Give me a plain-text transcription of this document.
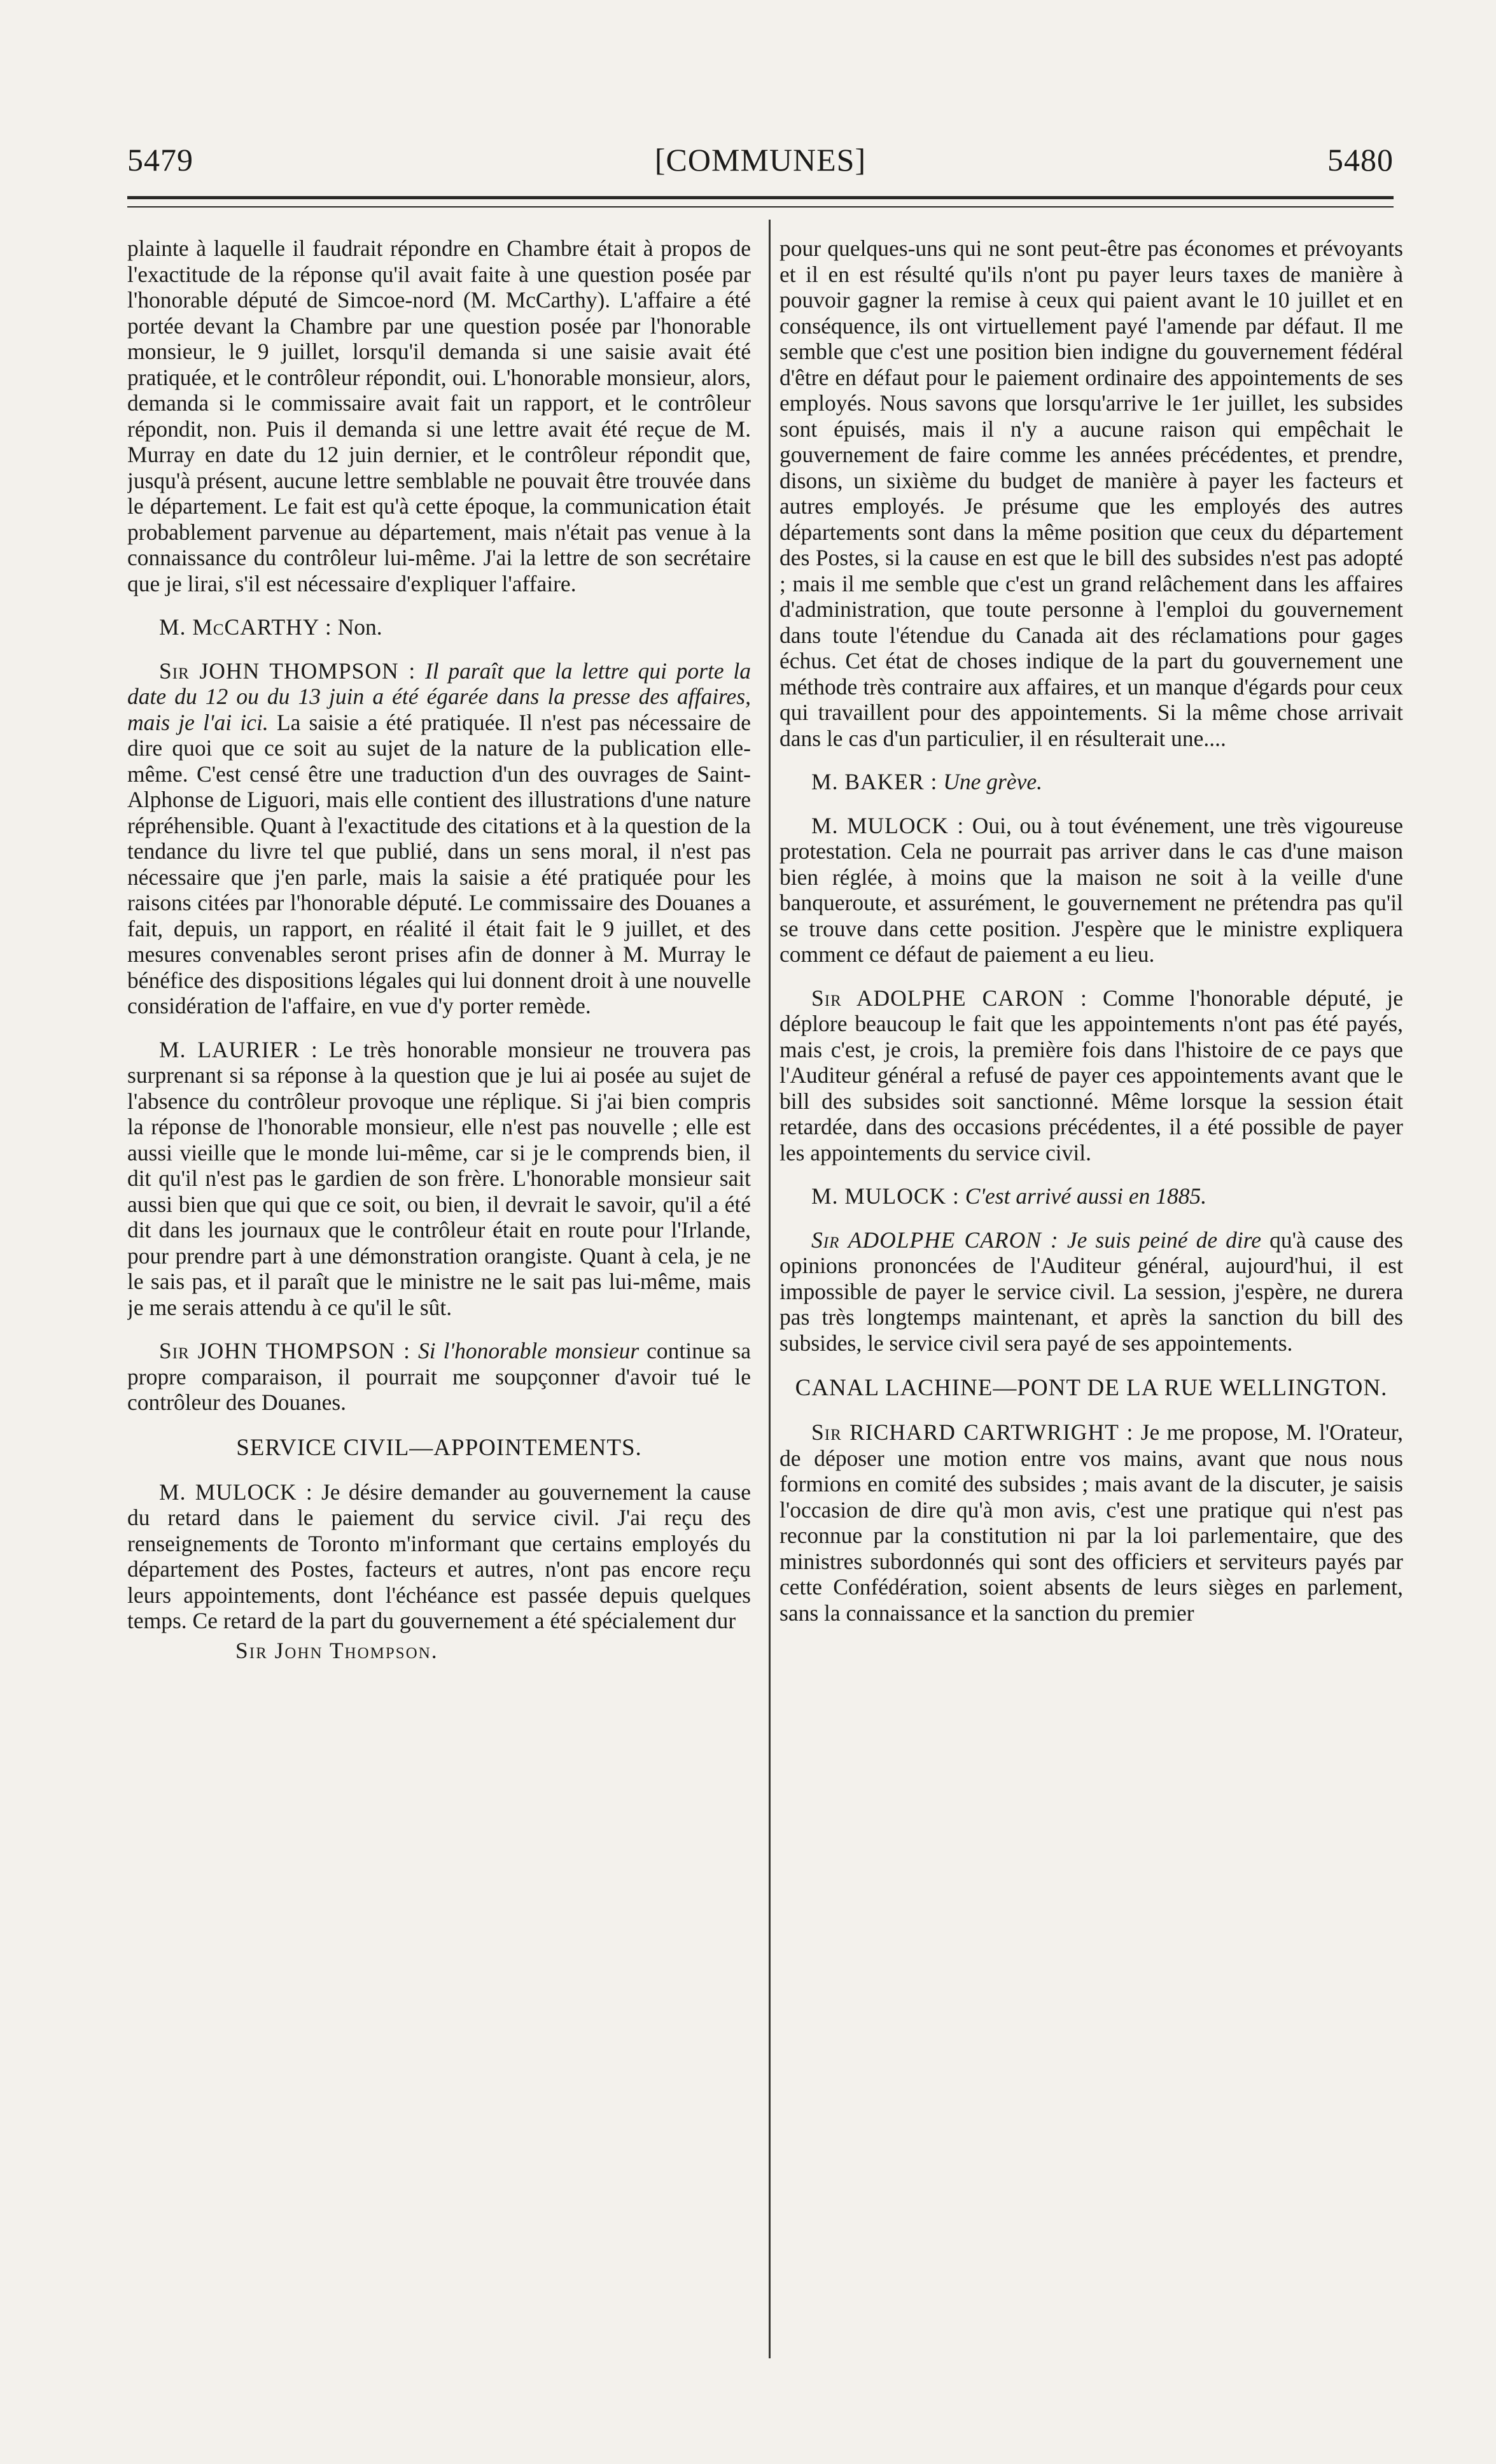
5479	[COMMUNES]	5480

plainte à laquelle il faudrait répondre en Chambre était à propos de l'exactitude de la réponse qu'il avait faite à une question posée par l'honorable député de Simcoe-nord (M. McCarthy). L'affaire a été portée devant la Chambre par une question posée par l'honorable monsieur, le 9 juillet, lorsqu'il demanda si une saisie avait été pratiquée, et le contrôleur répondit, oui. L'honorable monsieur, alors, demanda si le commissaire avait fait un rapport, et le contrôleur répondit, non. Puis il demanda si une lettre avait été reçue de M. Murray en date du 12 juin dernier, et le contrôleur répondit que, jusqu'à présent, aucune lettre semblable ne pouvait être trouvée dans le département. Le fait est qu'à cette époque, la communication était probablement parvenue au département, mais n'était pas venue à la connaissance du contrôleur lui-même. J'ai la lettre de son secrétaire que je lirai, s'il est nécessaire d'expliquer l'affaire.

M. McCARTHY : Non.

Sir JOHN THOMPSON : Il paraît que la lettre qui porte la date du 12 ou du 13 juin a été égarée dans la presse des affaires, mais je l'ai ici. La saisie a été pratiquée. Il n'est pas nécessaire de dire quoi que ce soit au sujet de la nature de la publication elle-même. C'est censé être une traduction d'un des ouvrages de Saint-Alphonse de Liguori, mais elle contient des illustrations d'une nature répréhensible. Quant à l'exactitude des citations et à la question de la tendance du livre tel que publié, dans un sens moral, il n'est pas nécessaire que j'en parle, mais la saisie a été pratiquée pour les raisons citées par l'honorable député. Le commissaire des Douanes a fait, depuis, un rapport, en réalité il était fait le 9 juillet, et des mesures convenables seront prises afin de donner à M. Murray le bénéfice des dispositions légales qui lui donnent droit à une nouvelle considération de l'affaire, en vue d'y porter remède.

M. LAURIER : Le très honorable monsieur ne trouvera pas surprenant si sa réponse à la question que je lui ai posée au sujet de l'absence du contrôleur provoque une réplique. Si j'ai bien compris la réponse de l'honorable monsieur, elle n'est pas nouvelle ; elle est aussi vieille que le monde lui-même, car si je le comprends bien, il dit qu'il n'est pas le gardien de son frère. L'honorable monsieur sait aussi bien que qui que ce soit, ou bien, il devrait le savoir, qu'il a été dit dans les journaux que le contrôleur était en route pour l'Irlande, pour prendre part à une démonstration orangiste. Quant à cela, je ne le sais pas, et il paraît que le ministre ne le sait pas lui-même, mais je me serais attendu à ce qu'il le sût.

Sir JOHN THOMPSON : Si l'honorable monsieur continue sa propre comparaison, il pourrait me soupçonner d'avoir tué le contrôleur des Douanes.

SERVICE CIVIL—APPOINTEMENTS.

M. MULOCK : Je désire demander au gouvernement la cause du retard dans le paiement du service civil. J'ai reçu des renseignements de Toronto m'informant que certains employés du département des Postes, facteurs et autres, n'ont pas encore reçu leurs appointements, dont l'échéance est passée depuis quelques temps. Ce retard de la part du gouvernement a été spécialement dur

Sir John Thompson.

pour quelques-uns qui ne sont peut-être pas économes et prévoyants et il en est résulté qu'ils n'ont pu payer leurs taxes de manière à pouvoir gagner la remise à ceux qui paient avant le 10 juillet et en conséquence, ils ont virtuellement payé l'amende par défaut. Il me semble que c'est une position bien indigne du gouvernement fédéral d'être en défaut pour le paiement ordinaire des appointements de ses employés. Nous savons que lorsqu'arrive le 1er juillet, les subsides sont épuisés, mais il n'y a aucune raison qui empêchait le gouvernement de faire comme les années précédentes, et prendre, disons, un sixième du budget de manière à payer les facteurs et autres employés. Je présume que les employés des autres départements sont dans la même position que ceux du département des Postes, si la cause en est que le bill des subsides n'est pas adopté ; mais il me semble que c'est un grand relâchement dans les affaires d'administration, que toute personne à l'emploi du gouvernement dans toute l'étendue du Canada ait des réclamations pour gages échus. Cet état de choses indique de la part du gouvernement une méthode très contraire aux affaires, et un manque d'égards pour ceux qui travaillent pour des appointements. Si la même chose arrivait dans le cas d'un particulier, il en résulterait une....

M. BAKER : Une grève.

M. MULOCK : Oui, ou à tout événement, une très vigoureuse protestation. Cela ne pourrait pas arriver dans le cas d'une maison bien réglée, à moins que la maison ne soit à la veille d'une banqueroute, et assurément, le gouvernement ne prétendra pas qu'il se trouve dans cette position. J'espère que le ministre expliquera comment ce défaut de paiement a eu lieu.

Sir ADOLPHE CARON : Comme l'honorable député, je déplore beaucoup le fait que les appointements n'ont pas été payés, mais c'est, je crois, la première fois dans l'histoire de ce pays que l'Auditeur général a refusé de payer ces appointements avant que le bill des subsides soit sanctionné. Même lorsque la session était retardée, dans des occasions précédentes, il a été possible de payer les appointements du service civil.

M. MULOCK : C'est arrivé aussi en 1885.

Sir ADOLPHE CARON : Je suis peiné de dire qu'à cause des opinions prononcées de l'Auditeur général, aujourd'hui, il est impossible de payer le service civil. La session, j'espère, ne durera pas très longtemps maintenant, et après la sanction du bill des subsides, le service civil sera payé de ses appointements.

CANAL LACHINE—PONT DE LA RUE WELLINGTON.

Sir RICHARD CARTWRIGHT : Je me propose, M. l'Orateur, de déposer une motion entre vos mains, avant que nous nous formions en comité des subsides ; mais avant de la discuter, je saisis l'occasion de dire qu'à mon avis, c'est une pratique qui n'est pas reconnue par la constitution ni par la loi parlementaire, que des ministres subordonnés qui sont des officiers et serviteurs payés par cette Confédération, soient absents de leurs sièges en parlement, sans la connaissance et la sanction du premier
